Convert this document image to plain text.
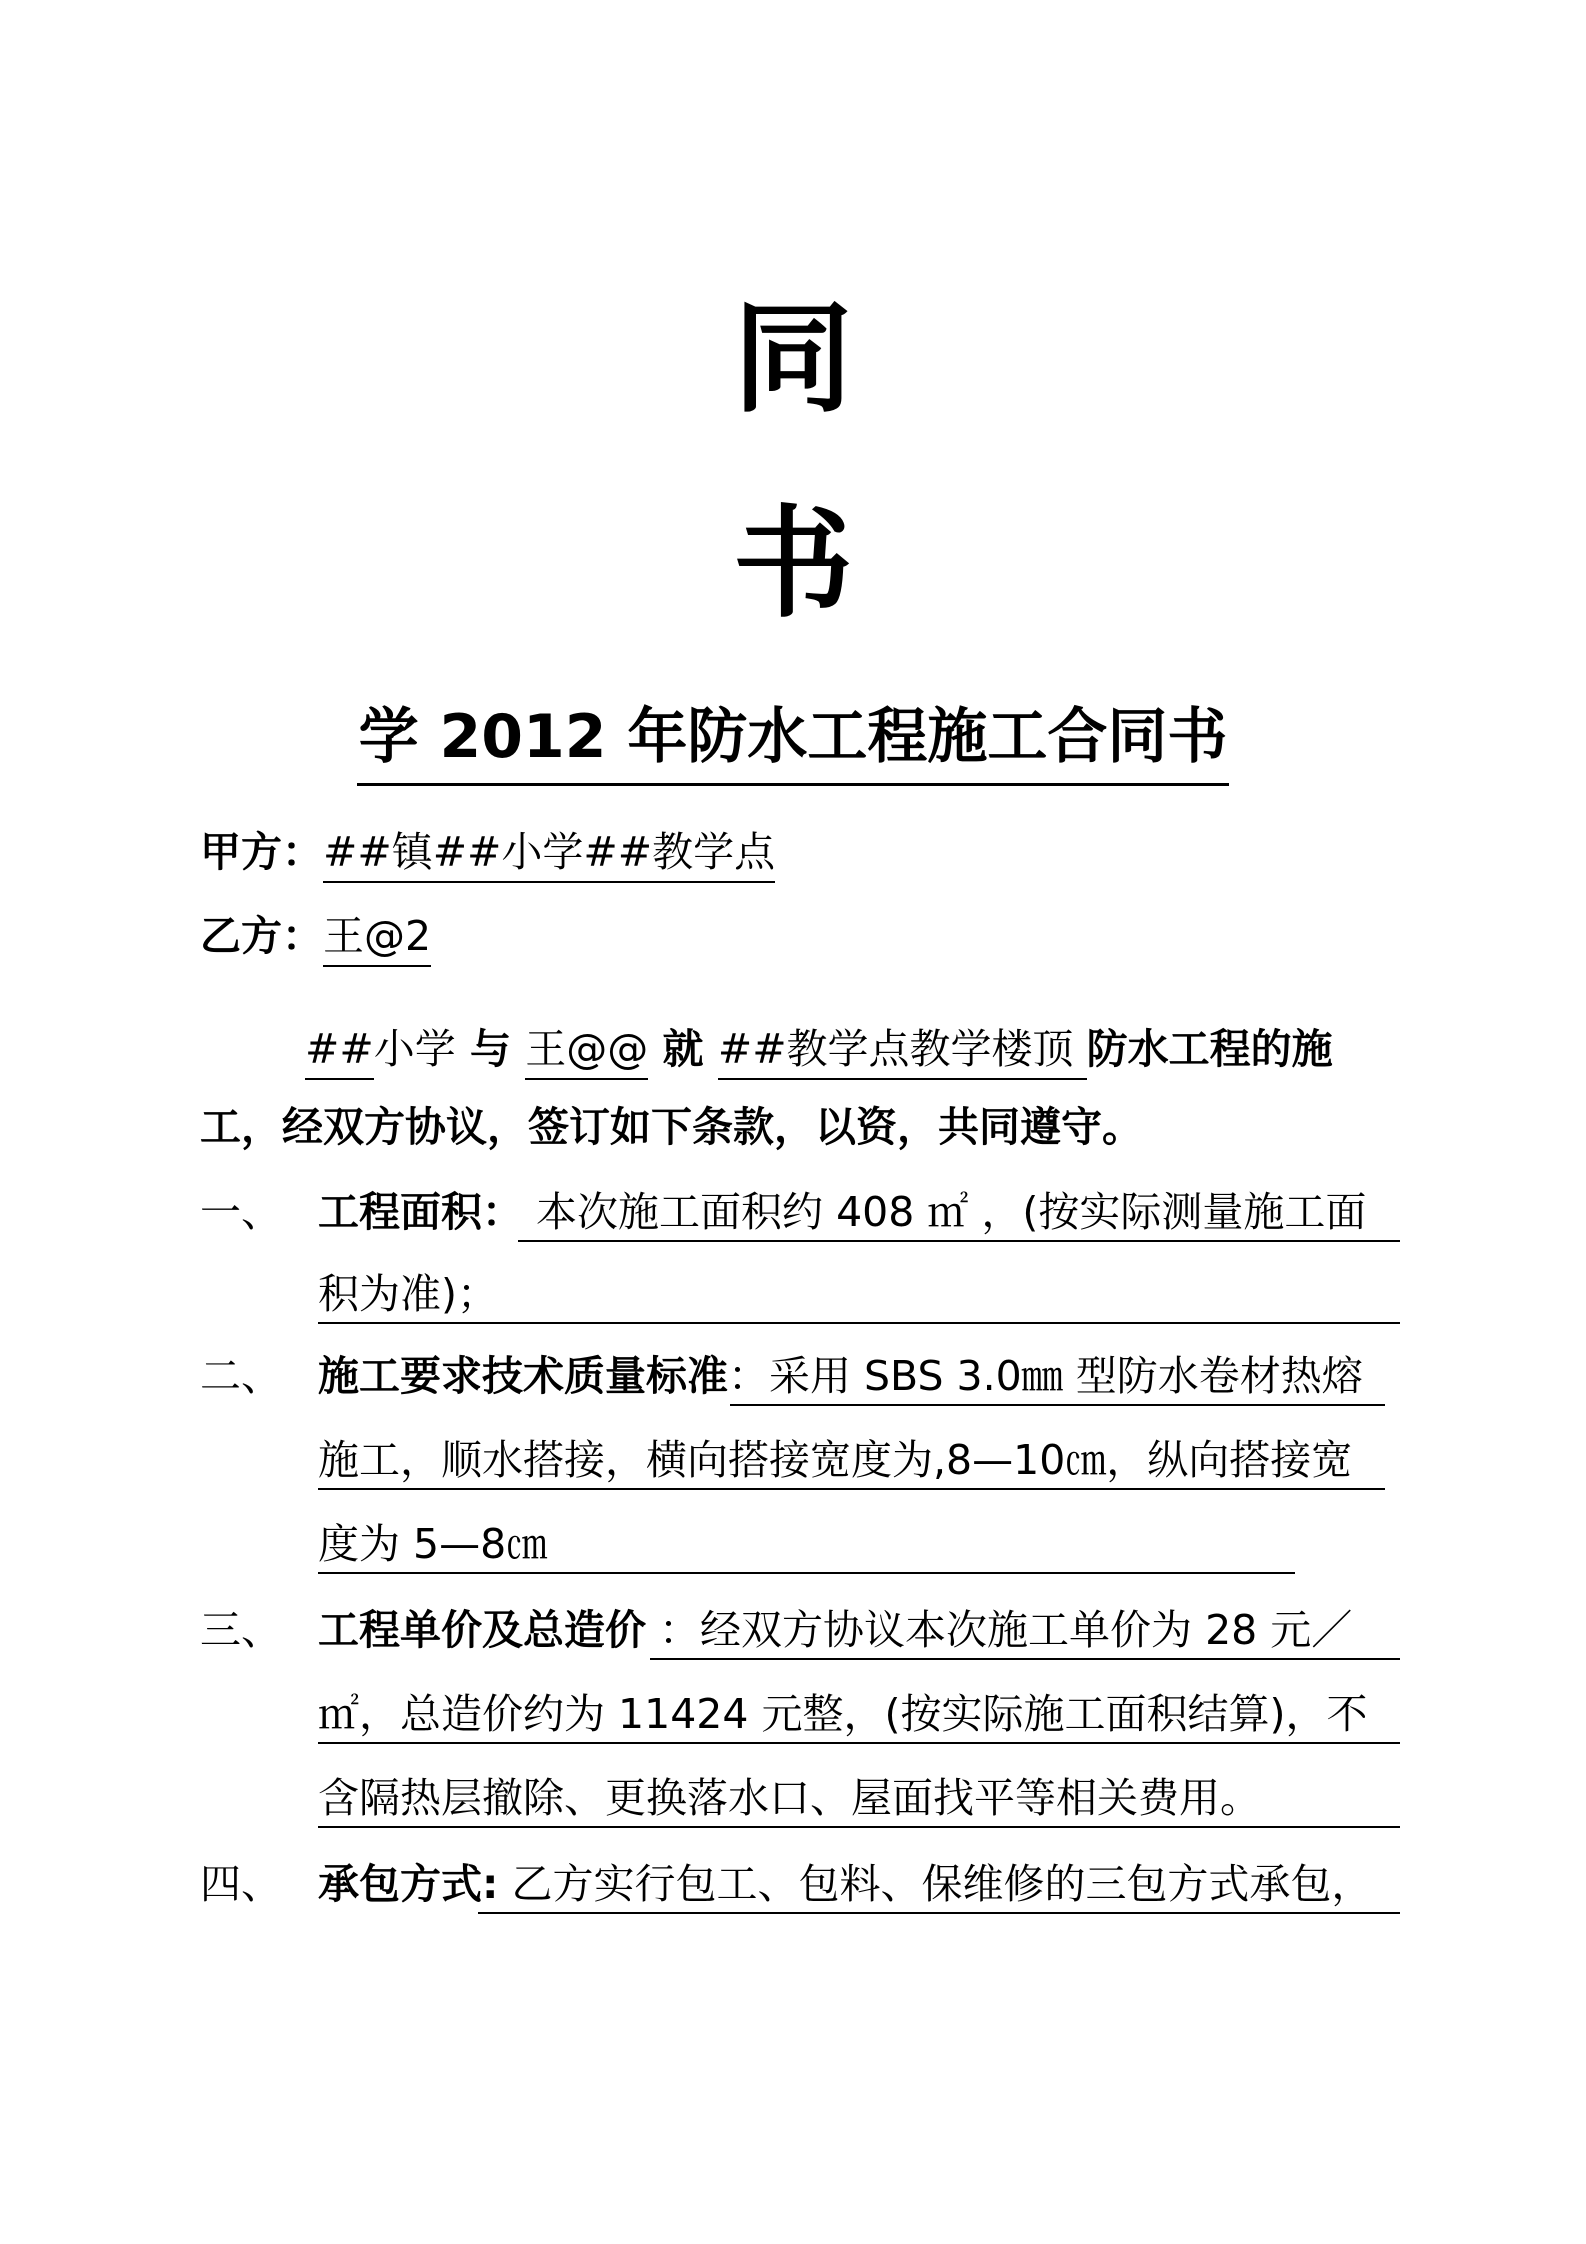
同
书
学 2012 年防水工程施工合同书
甲方：##镇##小学##教学点
乙方：王@2
##小学 与 王@@ 就 ##教学点教学楼顶 防水工程的施
工，经双方协议，签订如下条款，以资，共同遵守。
一、 工程面积： 本次施工面积约 408 ㎡ ，(按实际测量施工面
积为准)；
二、 施工要求技术质量标准：采用 SBS 3.0㎜ 型防水卷材热熔
施工，顺水搭接，横向搭接宽度为,8—10㎝，纵向搭接宽
度为 5—8㎝
三、 工程单价及总造价 ：经双方协议本次施工单价为 28 元／
㎡，总造价约为 11424 元整，(按实际施工面积结算)，不
含隔热层撤除、更换落水口、屋面找平等相关费用。
四、 承包方式: 乙方实行包工、包料、保维修的三包方式承包，
